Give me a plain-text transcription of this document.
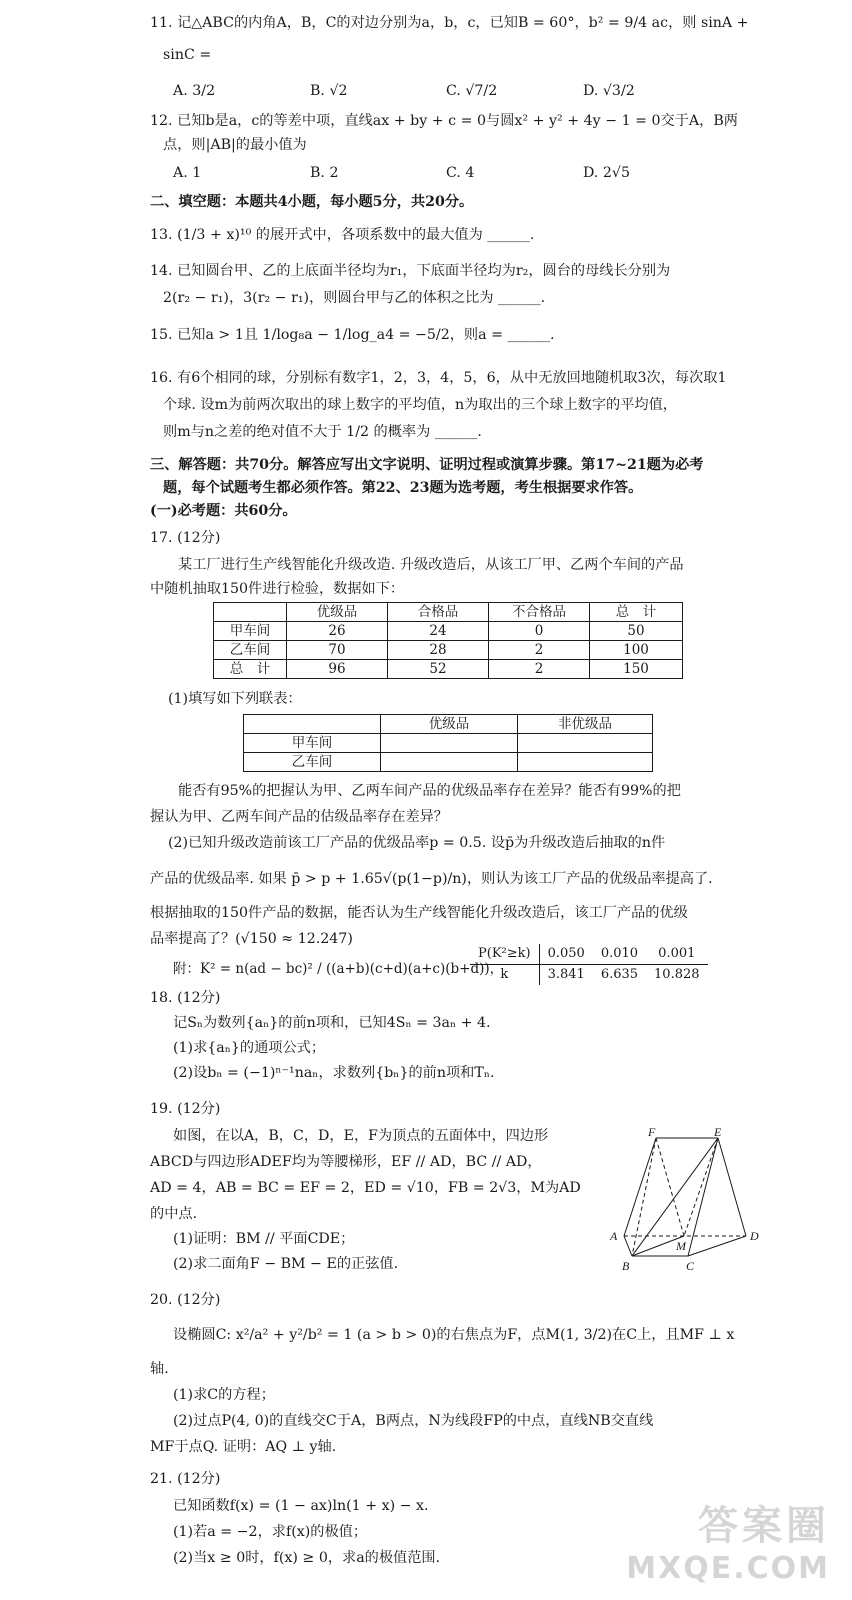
11. 记△ABC的内角A，B，C的对边分别为a，b，c，已知B = 60°，b² = 9/4 ac，则 sinA +
sinC =
A. 3/2	B. √2	C. √7/2	D. √3/2
12. 已知b是a，c的等差中项，直线ax + by + c = 0与圆x² + y² + 4y − 1 = 0交于A，B两
点，则|AB|的最小值为
A. 1	B. 2	C. 4	D. 2√5
二、填空题：本题共4小题，每小题5分，共20分。
13. (1/3 + x)¹⁰ 的展开式中，各项系数中的最大值为 ______.
14. 已知圆台甲、乙的上底面半径均为r₁，下底面半径均为r₂，圆台的母线长分别为
2(r₂ − r₁)，3(r₂ − r₁)，则圆台甲与乙的体积之比为 ______.
15. 已知a > 1且 1/log₈a − 1/log_a4 = −5/2，则a = ______.
16. 有6个相同的球，分别标有数字1，2，3，4，5，6，从中无放回地随机取3次，每次取1
个球. 设m为前两次取出的球上数字的平均值，n为取出的三个球上数字的平均值，
则m与n之差的绝对值不大于 1/2 的概率为 ______.
三、解答题：共70分。解答应写出文字说明、证明过程或演算步骤。第17~21题为必考
题，每个试题考生都必须作答。第22、23题为选考题，考生根据要求作答。
(一)必考题：共60分。
17. (12分)
某工厂进行生产线智能化升级改造. 升级改造后，从该工厂甲、乙两个车间的产品
中随机抽取150件进行检验，数据如下：
	优级品	合格品	不合格品	总　计
甲车间	26	24	0	50
乙车间	70	28	2	100
总　计	96	52	2	150
(1)填写如下列联表：
	优级品	非优级品
甲车间		
乙车间		
能否有95%的把握认为甲、乙两车间产品的优级品率存在差异？能否有99%的把
握认为甲、乙两车间产品的估级品率存在差异？
(2)已知升级改造前该工厂产品的优级品率p = 0.5. 设p̄为升级改造后抽取的n件
产品的优级品率. 如果 p̄ > p + 1.65√(p(1−p)/n)，则认为该工厂产品的优级品率提高了.
根据抽取的150件产品的数据，能否认为生产线智能化升级改造后，该工厂产品的优级
品率提高了？(√150 ≈ 12.247)
附：K² = n(ad − bc)² / ((a+b)(c+d)(a+c)(b+d))，
P(K²≥k)	0.050	0.010	0.001
k	3.841	6.635	10.828
18. (12分)
记Sₙ为数列{aₙ}的前n项和，已知4Sₙ = 3aₙ + 4.
(1)求{aₙ}的通项公式；
(2)设bₙ = (−1)ⁿ⁻¹naₙ，求数列{bₙ}的前n项和Tₙ.
19. (12分)
如图，在以A，B，C，D，E，F为顶点的五面体中，四边形
ABCD与四边形ADEF均为等腰梯形，EF // AD，BC // AD，
AD = 4，AB = BC = EF = 2，ED = √10，FB = 2√3，M为AD
的中点.
(1)证明：BM // 平面CDE；
(2)求二面角F − BM − E的正弦值.
F	E
A
M
D
B	C
20. (12分)
设椭圆C: x²/a² + y²/b² = 1 (a > b > 0)的右焦点为F，点M(1, 3/2)在C上，且MF ⊥ x
轴.
(1)求C的方程；
(2)过点P(4, 0)的直线交C于A，B两点，N为线段FP的中点，直线NB交直线
MF于点Q. 证明：AQ ⊥ y轴.
21. (12分)
已知函数f(x) = (1 − ax)ln(1 + x) − x.
(1)若a = −2，求f(x)的极值；
(2)当x ≥ 0时，f(x) ≥ 0，求a的极值范围.
答案圈
MXQE.COM
